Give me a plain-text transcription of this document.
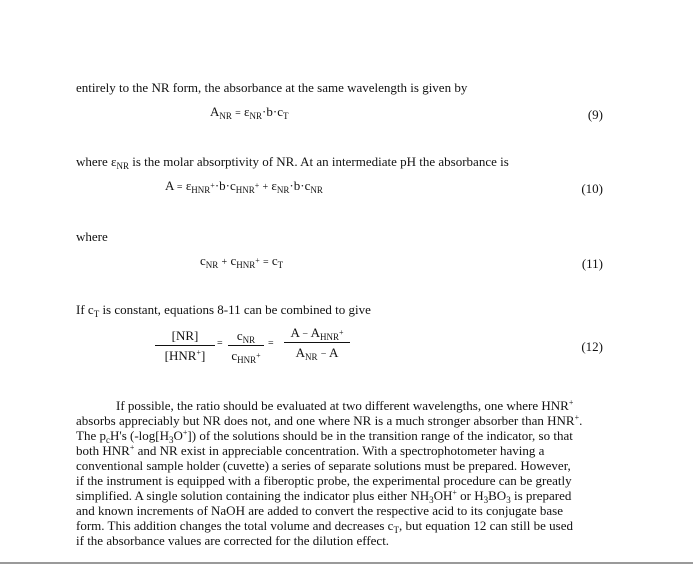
entirely to the NR form, the absorbance at the same wavelength is given by
$A_{NR} = \varepsilon_{NR}\cdot b\cdot c_T$	(9)
where $\varepsilon_{NR}$ is the molar absorptivity of NR. At an intermediate pH the absorbance is
$A = \varepsilon_{HNR^+}\cdot b\cdot c_{HNR^+} + \varepsilon_{NR}\cdot b\cdot c_{NR}$	(10)
where
$c_{NR} + c_{HNR^+} = c_T$	(11)
If $c_T$ is constant, equations 8-11 can be combined to give
[NR]
[HNR+]
=
$c_{NR}$
$c_{HNR^+}$
=
$A - A_{HNR^+}$
$A_{NR} - A$	(12)
If possible, the ratio should be evaluated at two different wavelengths, one where HNR+
absorbs appreciably but NR does not, and one where NR is a much stronger absorber than HNR+.
The $p_cH's$ $(-\log[H_3O^+])$ of the solutions should be in the transition range of the indicator, so that
both HNR+ and NR exist in appreciable concentration. With a spectrophotometer having a
conventional sample holder (cuvette) a series of separate solutions must be prepared. However,
if the instrument is equipped with a fiberoptic probe, the experimental procedure can be greatly
simplified. A single solution containing the indicator plus either $NH_3OH^+$ or $H_3BO_3$ is prepared
and known increments of NaOH are added to convert the respective acid to its conjugate base
form. This addition changes the total volume and decreases $c_T$, but equation 12 can still be used
if the absorbance values are corrected for the dilution effect.
